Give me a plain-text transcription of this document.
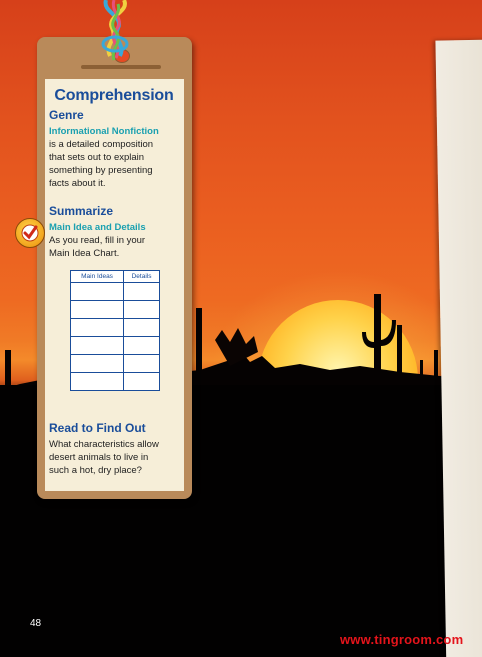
Comprehension
Genre
Informational Nonfiction

is a detailed composition
that sets out to explain
something by presenting
facts about it.

Summarize
Main Idea and Details

As you read, fill in your
Main Idea Chart.

Main Ideas	Details

Read to Find Out

What characteristics allow
desert animals to live in
such a hot, dry place?

48
www.tingroom.com
